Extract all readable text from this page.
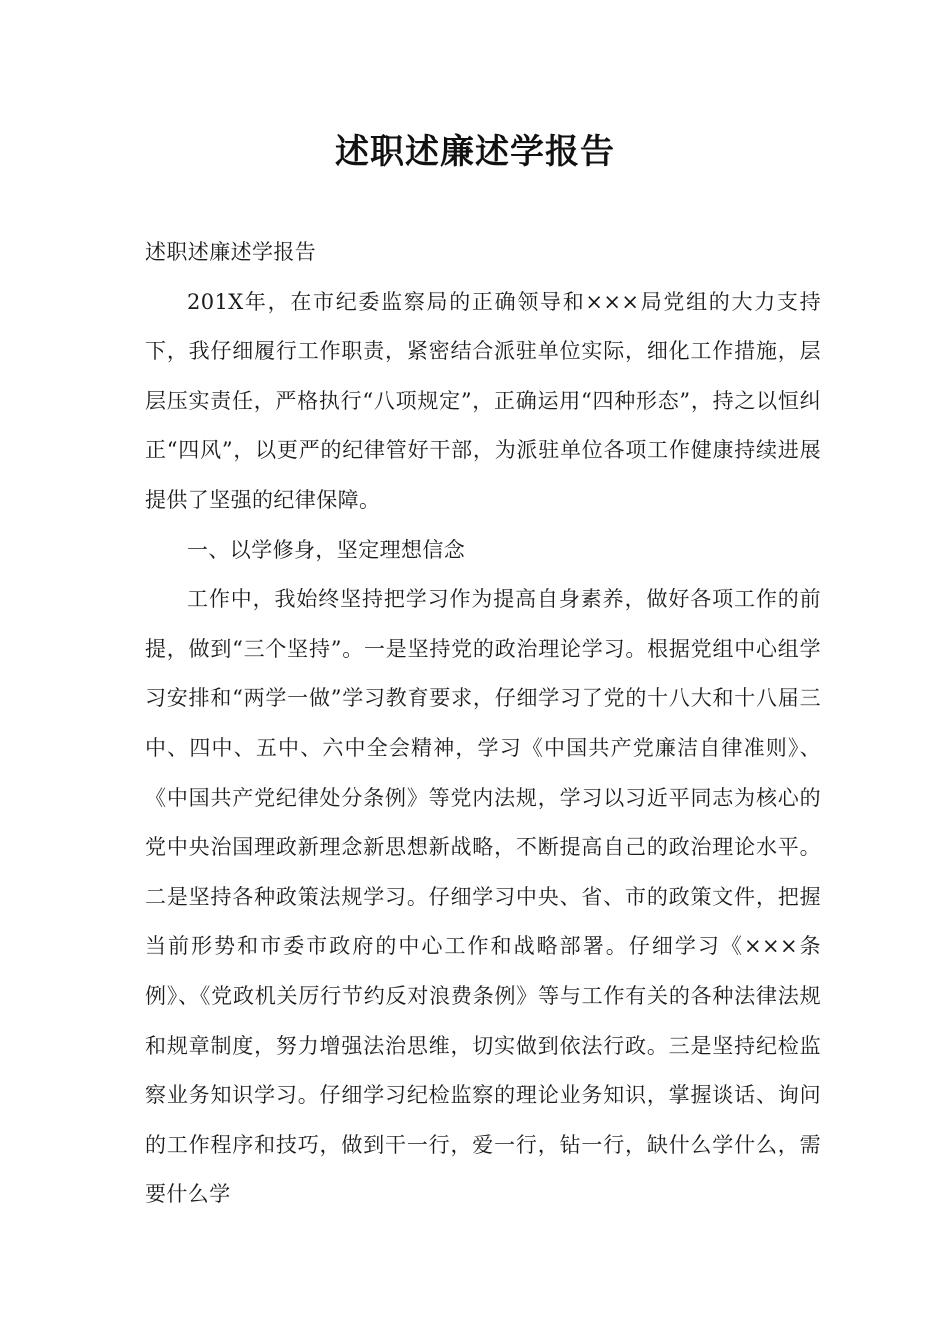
述职述廉述学报告

述职述廉述学报告

201X年，在市纪委监察局的正确领导和×××局党组的大力支持下，我仔细履行工作职责，紧密结合派驻单位实际，细化工作措施，层层压实责任，严格执行“八项规定”，正确运用“四种形态”，持之以恒纠正“四风”，以更严的纪律管好干部，为派驻单位各项工作健康持续进展提供了坚强的纪律保障。

一、以学修身，坚定理想信念

工作中，我始终坚持把学习作为提高自身素养，做好各项工作的前提，做到“三个坚持”。一是坚持党的政治理论学习。根据党组中心组学习安排和“两学一做”学习教育要求，仔细学习了党的十八大和十八届三中、四中、五中、六中全会精神，学习《中国共产党廉洁自律准则》、《中国共产党纪律处分条例》等党内法规，学习以习近平同志为核心的党中央治国理政新理念新思想新战略，不断提高自己的政治理论水平。二是坚持各种政策法规学习。仔细学习中央、省、市的政策文件，把握当前形势和市委市政府的中心工作和战略部署。仔细学习《×××条例》、《党政机关厉行节约反对浪费条例》等与工作有关的各种法律法规和规章制度，努力增强法治思维，切实做到依法行政。三是坚持纪检监察业务知识学习。仔细学习纪检监察的理论业务知识，掌握谈话、询问的工作程序和技巧，做到干一行，爱一行，钻一行，缺什么学什么，需要什么学
